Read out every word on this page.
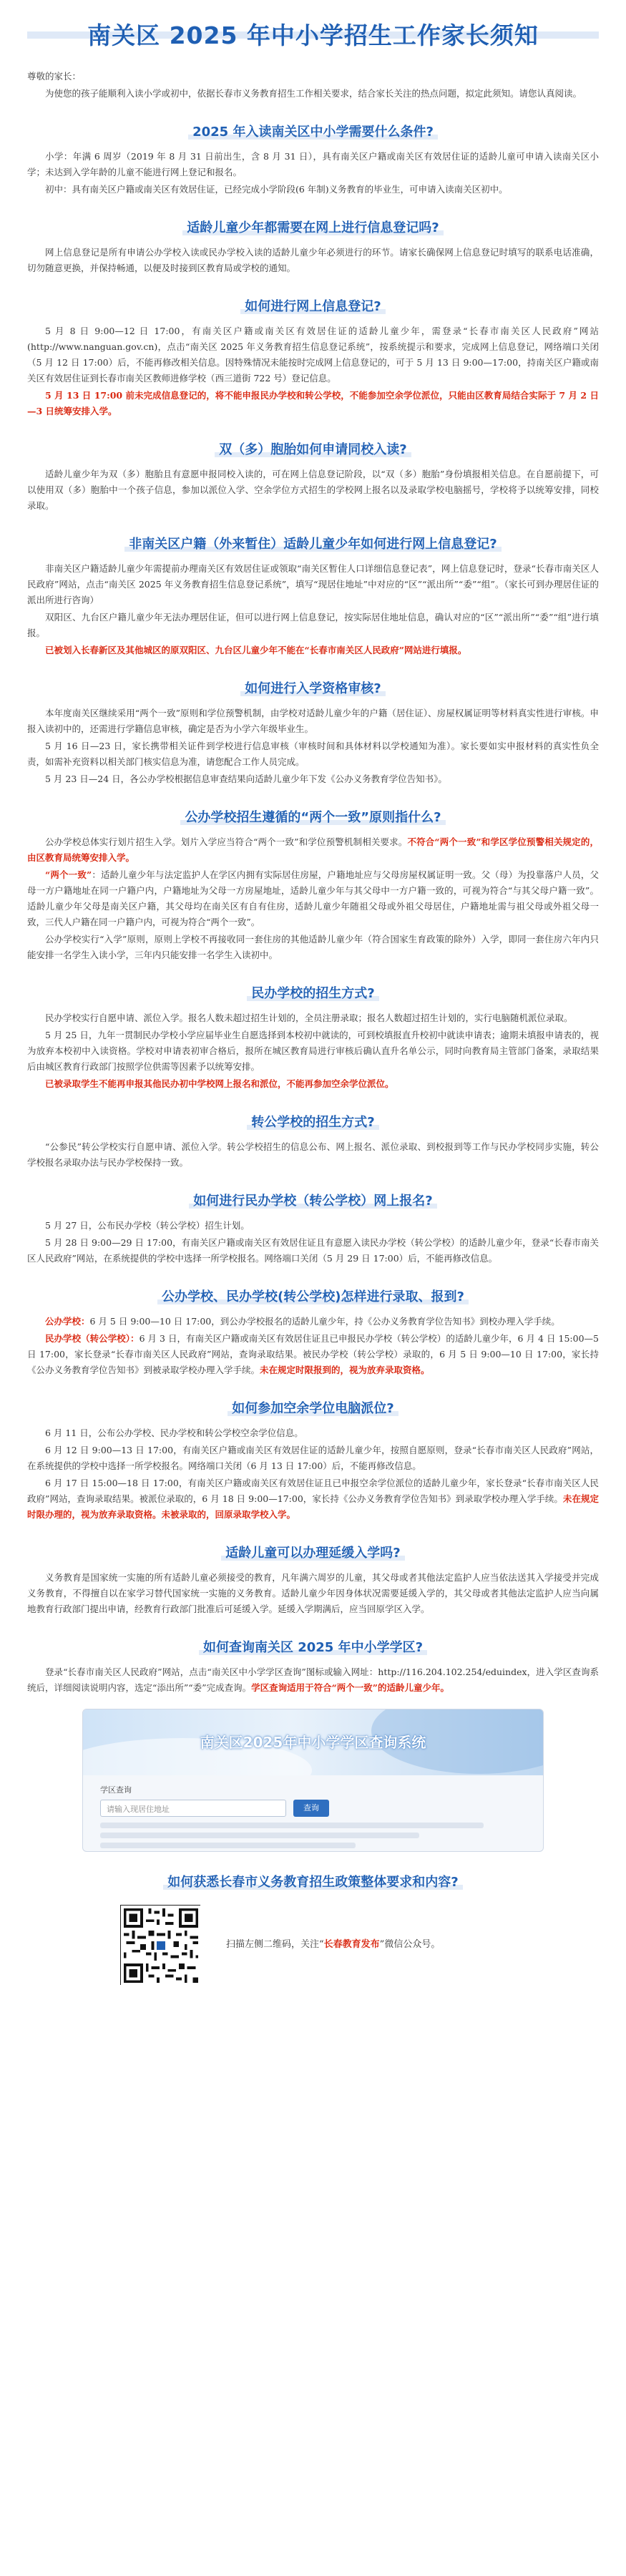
南关区 2025 年中小学招生工作家长须知

尊敬的家长：

为使您的孩子能顺利入读小学或初中，依据长春市义务教育招生工作相关要求，结合家长关注的热点问题，拟定此须知。请您认真阅读。

2025 年入读南关区中小学需要什么条件?

小学：年满 6 周岁（2019 年 8 月 31 日前出生，含 8 月 31 日），具有南关区户籍或南关区有效居住证的适龄儿童可申请入读南关区小学；未达到入学年龄的儿童不能进行网上登记和报名。

初中：具有南关区户籍或南关区有效居住证，已经完成小学阶段(6 年制)义务教育的毕业生，可申请入读南关区初中。

适龄儿童少年都需要在网上进行信息登记吗?

网上信息登记是所有申请公办学校入读或民办学校入读的适龄儿童少年必须进行的环节。请家长确保网上信息登记时填写的联系电话准确，切勿随意更换，并保持畅通，以便及时接到区教育局或学校的通知。

如何进行网上信息登记?

5 月 8 日 9:00—12 日 17:00，有南关区户籍或南关区有效居住证的适龄儿童少年，需登录“长春市南关区人民政府”网站(http://www.nanguan.gov.cn)，点击“南关区 2025 年义务教育招生信息登记系统”，按系统提示和要求，完成网上信息登记，网络端口关闭（5 月 12 日 17:00）后，不能再修改相关信息。因特殊情况未能按时完成网上信息登记的，可于 5 月 13 日 9:00—17:00，持南关区户籍或南关区有效居住证到长春市南关区教师进修学校（西三道街 722 号）登记信息。

5 月 13 日 17:00 前未完成信息登记的，将不能申报民办学校和转公学校，不能参加空余学位派位，只能由区教育局结合实际于 7 月 2 日—3 日统筹安排入学。

双（多）胞胎如何申请同校入读?

适龄儿童少年为双（多）胞胎且有意愿申报同校入读的，可在网上信息登记阶段，以“双（多）胞胎”身份填报相关信息。在自愿前提下，可以使用双（多）胞胎中一个孩子信息，参加以派位入学、空余学位方式招生的学校网上报名以及录取学校电脑摇号，学校将予以统筹安排，同校录取。

非南关区户籍（外来暂住）适龄儿童少年如何进行网上信息登记?

非南关区户籍适龄儿童少年需提前办理南关区有效居住证或领取“南关区暂住人口详细信息登记表”，网上信息登记时，登录“长春市南关区人民政府”网站，点击“南关区 2025 年义务教育招生信息登记系统”，填写“现居住地址”中对应的“区”“派出所”“委”“组”。（家长可到办理居住证的派出所进行咨询）

双阳区、九台区户籍儿童少年无法办理居住证，但可以进行网上信息登记，按实际居住地址信息，确认对应的“区”“派出所”“委”“组”进行填报。

已被划入长春新区及其他城区的原双阳区、九台区儿童少年不能在“长春市南关区人民政府”网站进行填报。

如何进行入学资格审核?

本年度南关区继续采用“两个一致”原则和学位预警机制，由学校对适龄儿童少年的户籍（居住证）、房屋权属证明等材料真实性进行审核。申报入读初中的，还需进行学籍信息审核，确定是否为小学六年级毕业生。

5 月 16 日—23 日，家长携带相关证件到学校进行信息审核（审核时间和具体材料以学校通知为准）。家长要如实申报材料的真实性负全责，如需补充资料以相关部门核实信息为准，请您配合工作人员完成。

5 月 23 日—24 日，各公办学校根据信息审查结果向适龄儿童少年下发《公办义务教育学位告知书》。

公办学校招生遵循的“两个一致”原则指什么?

公办学校总体实行划片招生入学。划片入学应当符合“两个一致”和学位预警机制相关要求。不符合“两个一致”和学区学位预警相关规定的，由区教育局统筹安排入学。

“两个一致”：适龄儿童少年与法定监护人在学区内拥有实际居住房屋，户籍地址应与父母房屋权属证明一致。父（母）为投靠落户人员，父母一方户籍地址在同一户籍户内，户籍地址为父母一方房屋地址，适龄儿童少年与其父母中一方户籍一致的，可视为符合“与其父母户籍一致”。适龄儿童少年父母是南关区户籍，其父母均在南关区有自有住房，适龄儿童少年随祖父母或外祖父母居住，户籍地址需与祖父母或外祖父母一致，三代人户籍在同一户籍户内，可视为符合“两个一致”。

公办学校实行“入学”原则，原则上学校不再接收同一套住房的其他适龄儿童少年（符合国家生育政策的除外）入学，即同一套住房六年内只能安排一名学生入读小学，三年内只能安排一名学生入读初中。

民办学校的招生方式?

民办学校实行自愿申请、派位入学。报名人数未超过招生计划的，全员注册录取；报名人数超过招生计划的，实行电脑随机派位录取。

5 月 25 日，九年一贯制民办学校小学应届毕业生自愿选择到本校初中就读的，可到校填报直升校初中就读申请表；逾期未填报申请表的，视为放弃本校初中入读资格。学校对申请表初审合格后，报所在城区教育局进行审核后确认直升名单公示，同时向教育局主管部门备案，录取结果后由城区教育行政部门按照学位供需等因素予以统筹安排。

已被录取学生不能再申报其他民办初中学校网上报名和派位，不能再参加空余学位派位。

转公学校的招生方式?

“公参民”转公学校实行自愿申请、派位入学。转公学校招生的信息公布、网上报名、派位录取、到校报到等工作与民办学校同步实施，转公学校报名录取办法与民办学校保持一致。

如何进行民办学校（转公学校）网上报名?

5 月 27 日，公布民办学校（转公学校）招生计划。

5 月 28 日 9:00—29 日 17:00，有南关区户籍或南关区有效居住证且有意愿入读民办学校（转公学校）的适龄儿童少年，登录“长春市南关区人民政府”网站，在系统提供的学校中选择一所学校报名。网络端口关闭（5 月 29 日 17:00）后，不能再修改信息。

公办学校、民办学校(转公学校)怎样进行录取、报到?

公办学校：6 月 5 日 9:00—10 日 17:00，到公办学校报名的适龄儿童少年，持《公办义务教育学位告知书》到校办理入学手续。

民办学校（转公学校）：6 月 3 日，有南关区户籍或南关区有效居住证且已申报民办学校（转公学校）的适龄儿童少年，6 月 4 日 15:00—5 日 17:00，家长登录“长春市南关区人民政府”网站，查询录取结果。被民办学校（转公学校）录取的，6 月 5 日 9:00—10 日 17:00，家长持《公办义务教育学位告知书》到被录取学校办理入学手续。未在规定时限报到的，视为放弃录取资格。

如何参加空余学位电脑派位?

6 月 11 日，公布公办学校、民办学校和转公学校空余学位信息。

6 月 12 日 9:00—13 日 17:00，有南关区户籍或南关区有效居住证的适龄儿童少年，按照自愿原则，登录“长春市南关区人民政府”网站，在系统提供的学校中选择一所学校报名。网络端口关闭（6 月 13 日 17:00）后，不能再修改信息。

6 月 17 日 15:00—18 日 17:00，有南关区户籍或南关区有效居住证且已申报空余学位派位的适龄儿童少年，家长登录“长春市南关区人民政府”网站，查询录取结果。被派位录取的，6 月 18 日 9:00—17:00，家长持《公办义务教育学位告知书》到录取学校办理入学手续。未在规定时限办理的，视为放弃录取资格。未被录取的，回原录取学校入学。

适龄儿童可以办理延缓入学吗?

义务教育是国家统一实施的所有适龄儿童必须接受的教育，凡年满六周岁的儿童，其父母或者其他法定监护人应当依法送其入学接受并完成义务教育，不得擅自以在家学习替代国家统一实施的义务教育。适龄儿童少年因身体状况需要延缓入学的，其父母或者其他法定监护人应当向属地教育行政部门提出申请，经教育行政部门批准后可延缓入学。延缓入学期满后，应当回原学区入学。

如何查询南关区 2025 年中小学学区?

登录“长春市南关区人民政府”网站，点击“南关区中小学学区查询”图标或输入网址：http://116.204.102.254/eduindex，进入学区查询系统后，详细阅读说明内容，选定“添出所”“委”完成查询。学区查询适用于符合“两个一致”的适龄儿童少年。

南关区2025年中小学学区查询系统
学区查询
请输入现居住地址	查询
如何获悉长春市义务教育招生政策整体要求和内容?
扫描左侧二维码，关注“长春教育发布”微信公众号。
